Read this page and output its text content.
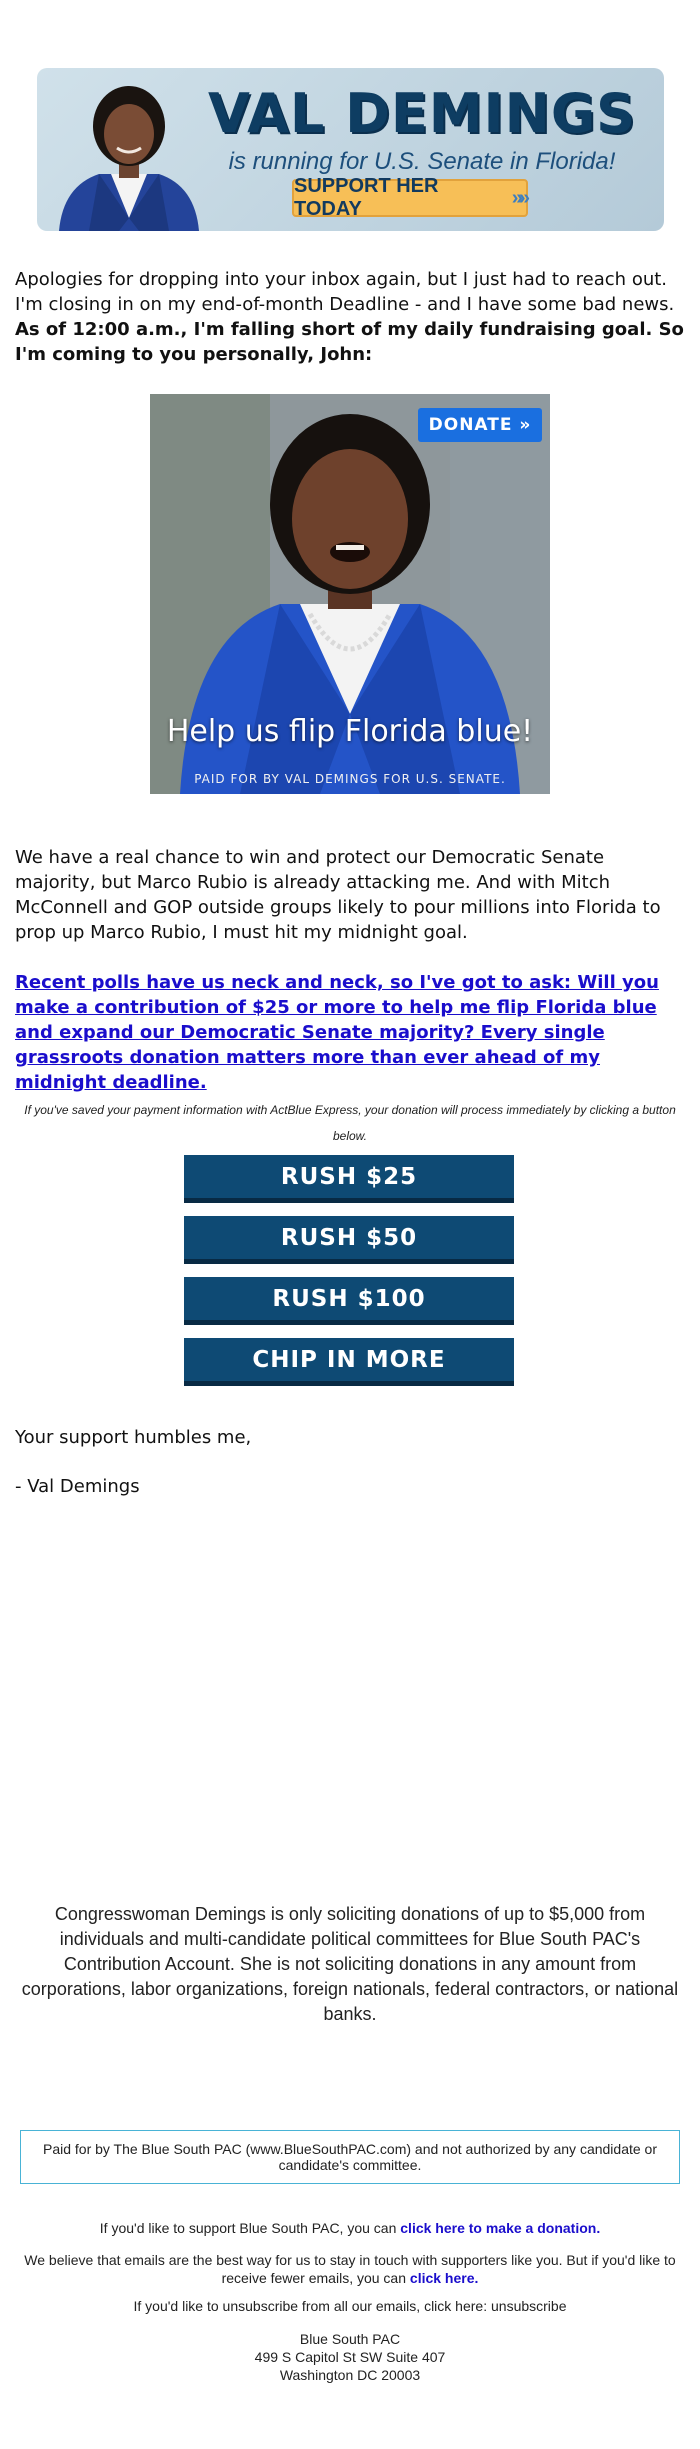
VAL DEMINGS
is running for U.S. Senate in Florida!
SUPPORT HER TODAY
»»
Apologies for dropping into your inbox again, but I just had to reach out. I'm closing in on my end-of-month Deadline - and I have some bad news. As of 12:00 a.m., I'm falling short of my daily fundraising goal. So I'm coming to you personally, John:
DONATE »
Help us flip Florida blue!
PAID FOR BY VAL DEMINGS FOR U.S. SENATE.
We have a real chance to win and protect our Democratic Senate majority, but Marco Rubio is already attacking me. And with Mitch McConnell and GOP outside groups likely to pour millions into Florida to prop up Marco Rubio, I must hit my midnight goal.
Recent polls have us neck and neck, so I've got to ask: Will you make a contribution of $25 or more to help me flip Florida blue and expand our Democratic Senate majority? Every single grassroots donation matters more than ever ahead of my midnight deadline.
If you've saved your payment information with ActBlue Express, your donation will process immediately by clicking a button below.
RUSH $25
RUSH $50
RUSH $100
CHIP IN MORE
Your support humbles me,
- Val Demings
Congresswoman Demings is only soliciting donations of up to $5,000 from individuals and multi-candidate political committees for Blue South PAC's Contribution Account. She is not soliciting donations in any amount from corporations, labor organizations, foreign nationals, federal contractors, or national banks.
Paid for by The Blue South PAC (www.BlueSouthPAC.com) and not authorized by any candidate or candidate's committee.
If you'd like to support Blue South PAC, you can click here to make a donation.
We believe that emails are the best way for us to stay in touch with supporters like you. But if you'd like to receive fewer emails, you can click here.
If you'd like to unsubscribe from all our emails, click here: unsubscribe
Blue South PAC
499 S Capitol St SW Suite 407
Washington DC 20003
